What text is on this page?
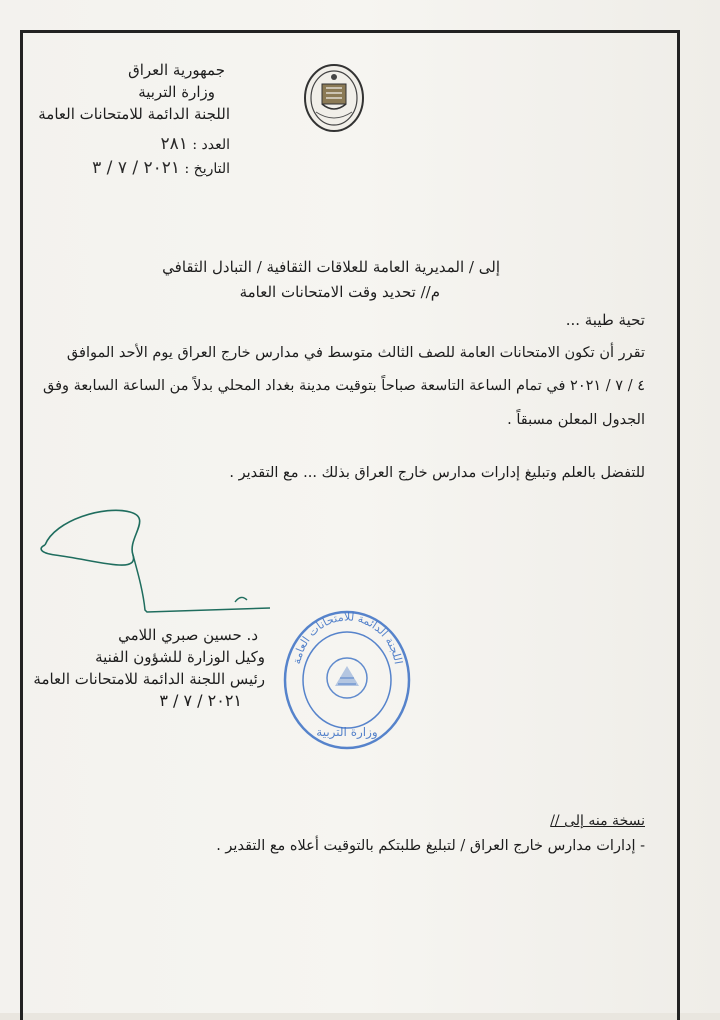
جمهورية العراق
وزارة التربية
اللجنة الدائمة للامتحانات العامة
العدد : ٢٨١
التاريخ : ٢٠٢١ / ٧ / ٣
إلى / المديرية العامة للعلاقات الثقافية / التبادل الثقافي
م// تحديد وقت الامتحانات العامة
تحية طيبة ...
تقرر أن تكون الامتحانات العامة للصف الثالث متوسط في مدارس خارج العراق يوم الأحد الموافق
٤ / ٧ / ٢٠٢١ في تمام الساعة التاسعة صباحاً بتوقيت مدينة بغداد المحلي بدلاً من الساعة السابعة وفق
الجدول المعلن مسبقاً .
للتفضل بالعلم وتبليغ إدارات مدارس خارج العراق بذلك ... مع التقدير .
اللجنة الدائمة للامتحانات العامة
وزارة التربية
د. حسين صبري اللامي
وكيل الوزارة للشؤون الفنية
رئيس اللجنة الدائمة للامتحانات العامة
٢٠٢١ / ٧ / ٣
نسخة منه إلى //
- إدارات مدارس خارج العراق / لتبليغ طلبتكم بالتوقيت أعلاه مع التقدير .
